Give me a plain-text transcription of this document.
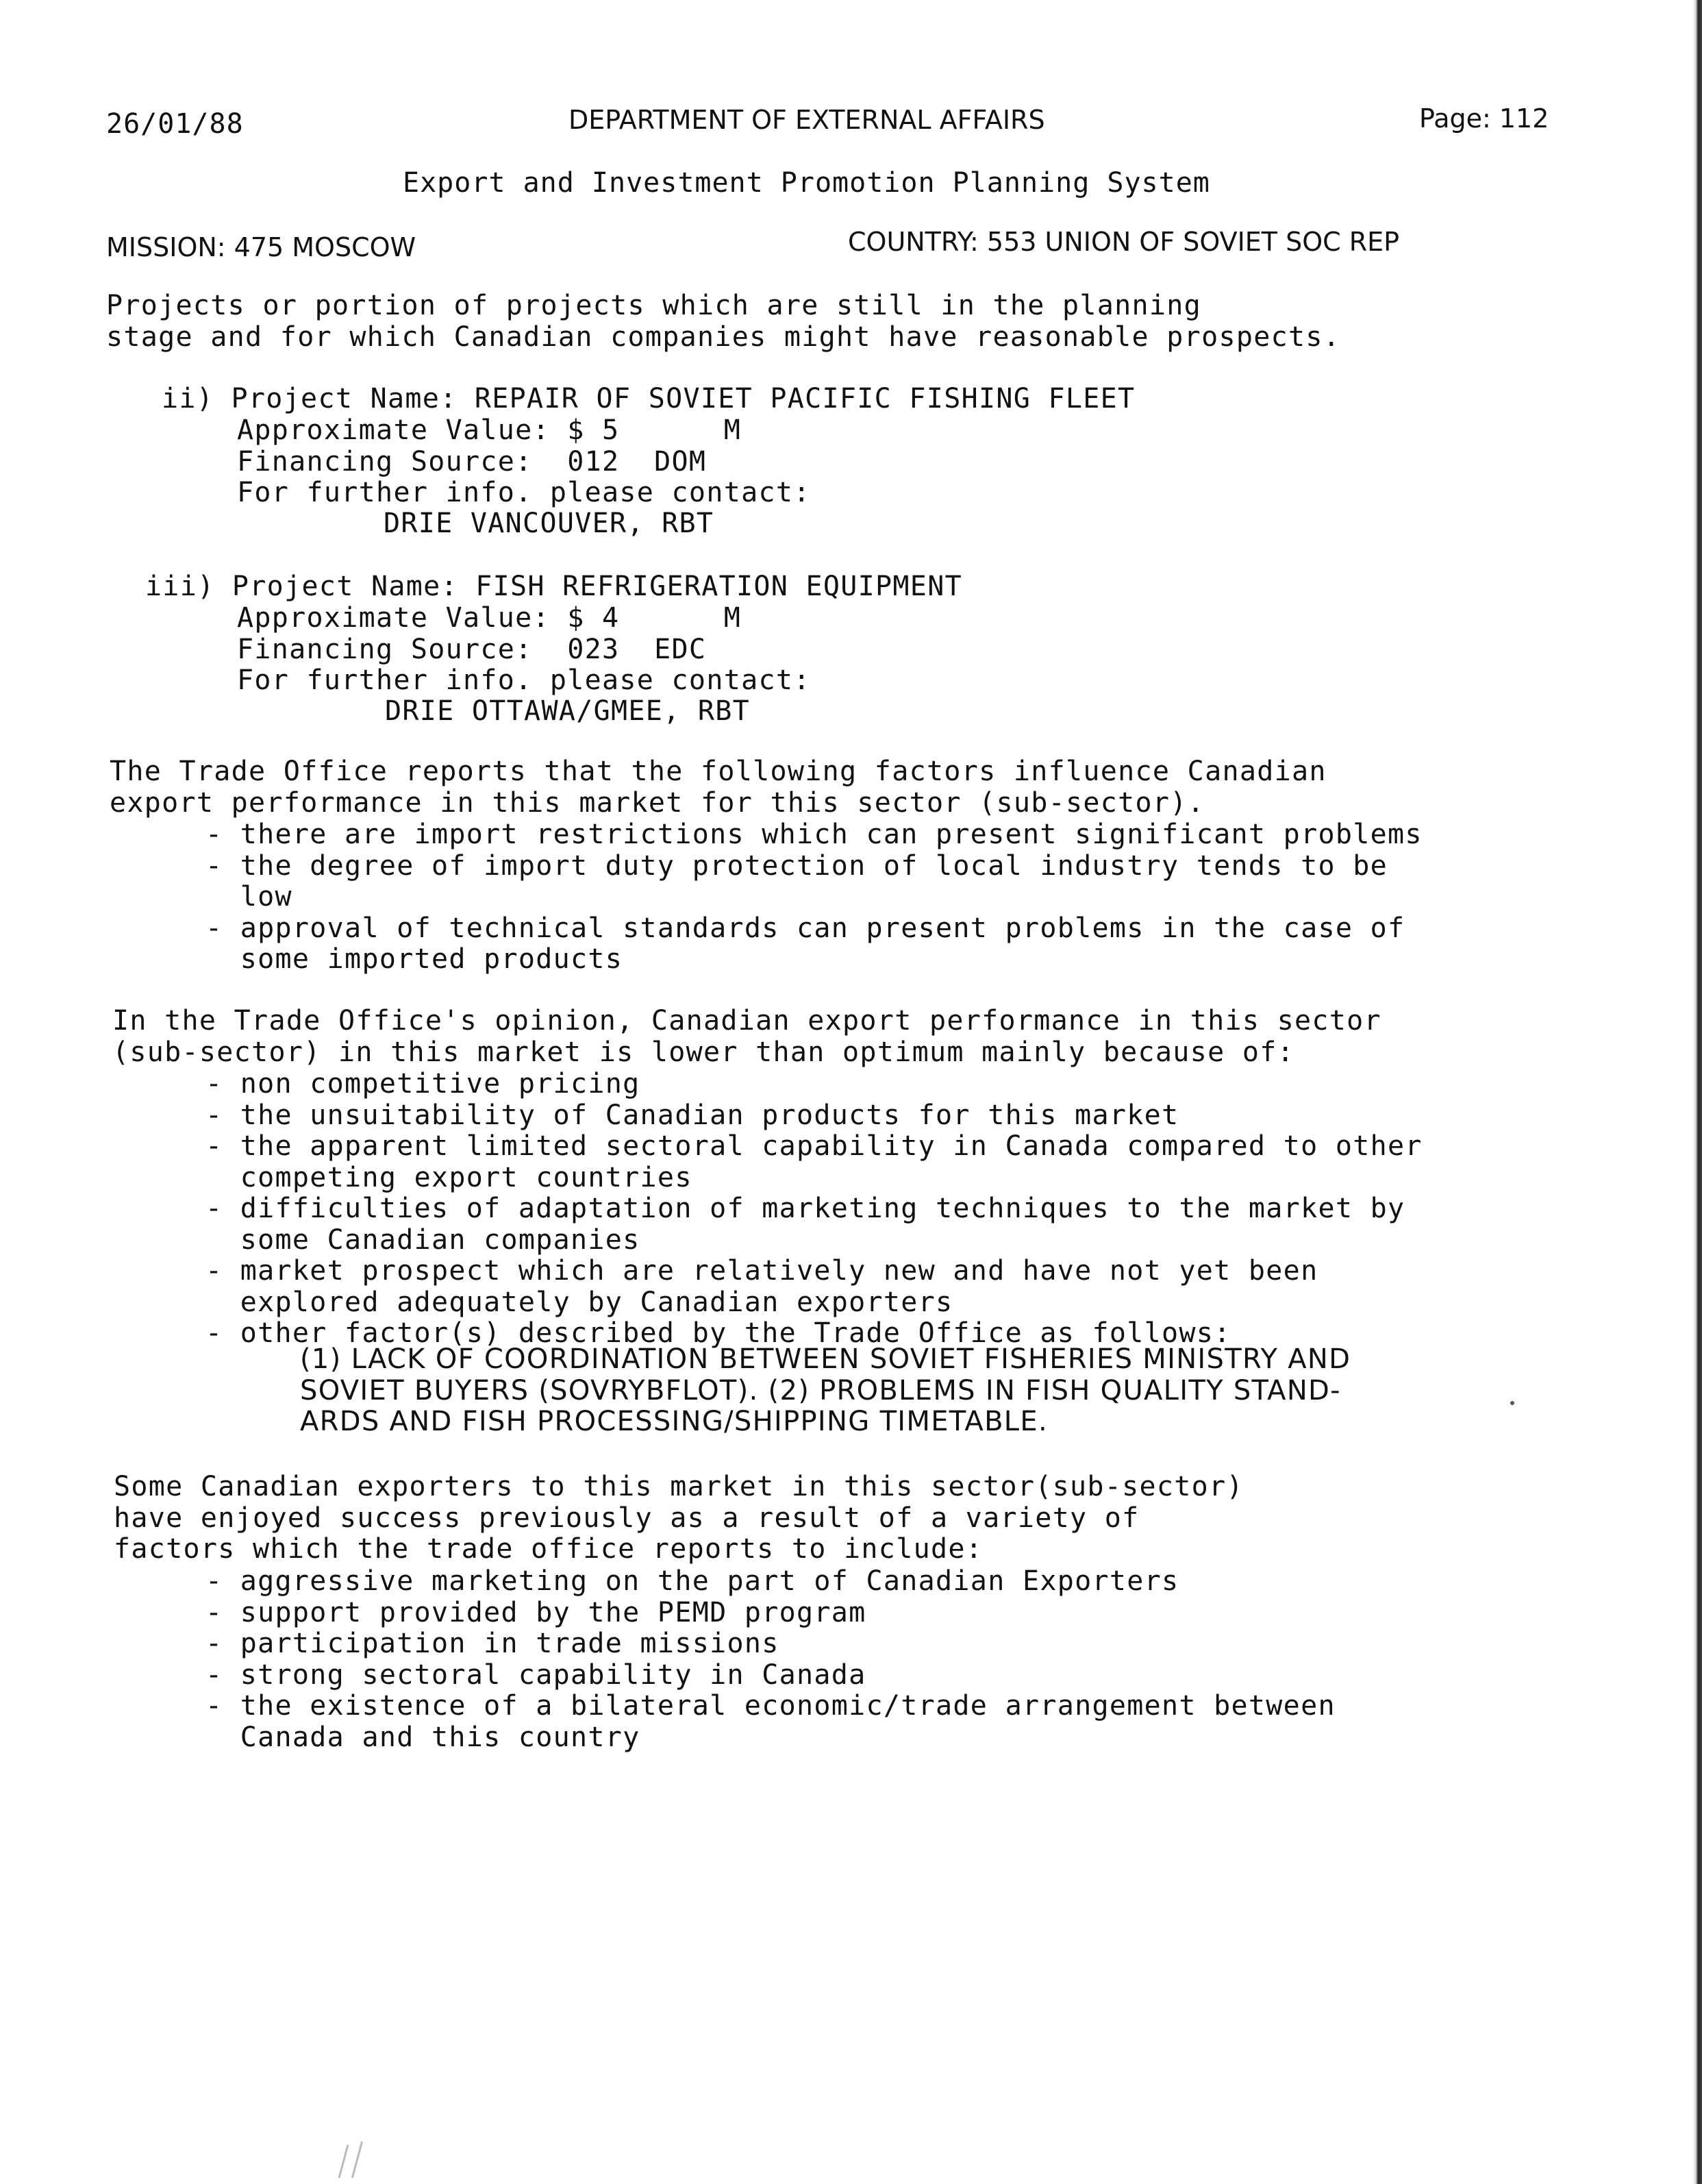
26/01/88	DEPARTMENT OF EXTERNAL AFFAIRS	Page: 112
Export and Investment Promotion Planning System
MISSION: 475 MOSCOW	COUNTRY: 553 UNION OF SOVIET SOC REP
Projects or portion of projects which are still in the planning
stage and for which Canadian companies might have reasonable prospects.
ii) Project Name: REPAIR OF SOVIET PACIFIC FISHING FLEET
Approximate Value: $ 5      M
Financing Source:  012  DOM
For further info. please contact:
DRIE VANCOUVER, RBT
iii) Project Name: FISH REFRIGERATION EQUIPMENT
Approximate Value: $ 4      M
Financing Source:  023  EDC
For further info. please contact:
DRIE OTTAWA/GMEE, RBT
The Trade Office reports that the following factors influence Canadian
export performance in this market for this sector (sub-sector).
- there are import restrictions which can present significant problems
- the degree of import duty protection of local industry tends to be
low
- approval of technical standards can present problems in the case of
some imported products
In the Trade Office's opinion, Canadian export performance in this sector
(sub-sector) in this market is lower than optimum mainly because of:
- non competitive pricing
- the unsuitability of Canadian products for this market
- the apparent limited sectoral capability in Canada compared to other
competing export countries
- difficulties of adaptation of marketing techniques to the market by
some Canadian companies
- market prospect which are relatively new and have not yet been
explored adequately by Canadian exporters
- other factor(s) described by the Trade Office as follows:
(1) LACK OF COORDINATION BETWEEN SOVIET FISHERIES MINISTRY AND
SOVIET BUYERS (SOVRYBFLOT). (2) PROBLEMS IN FISH QUALITY STAND-
ARDS AND FISH PROCESSING/SHIPPING TIMETABLE.
Some Canadian exporters to this market in this sector(sub-sector)
have enjoyed success previously as a result of a variety of
factors which the trade office reports to include:
- aggressive marketing on the part of Canadian Exporters
- support provided by the PEMD program
- participation in trade missions
- strong sectoral capability in Canada
- the existence of a bilateral economic/trade arrangement between
Canada and this country
